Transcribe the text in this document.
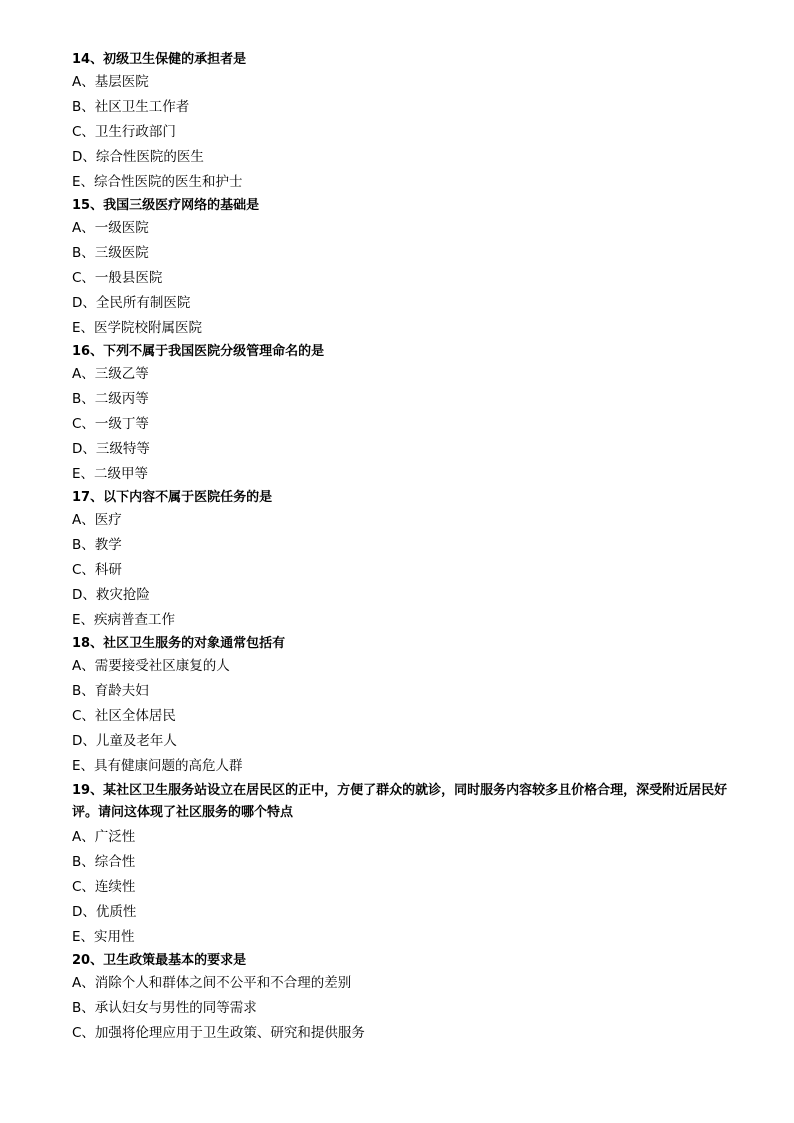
14、初级卫生保健的承担者是
A、基层医院
B、社区卫生工作者
C、卫生行政部门
D、综合性医院的医生
E、综合性医院的医生和护士
15、我国三级医疗网络的基础是
A、一级医院
B、三级医院
C、一般县医院
D、全民所有制医院
E、医学院校附属医院
16、下列不属于我国医院分级管理命名的是
A、三级乙等
B、二级丙等
C、一级丁等
D、三级特等
E、二级甲等
17、以下内容不属于医院任务的是
A、医疗
B、教学
C、科研
D、救灾抢险
E、疾病普查工作
18、社区卫生服务的对象通常包括有
A、需要接受社区康复的人
B、育龄夫妇
C、社区全体居民
D、儿童及老年人
E、具有健康问题的高危人群
19、某社区卫生服务站设立在居民区的正中，方便了群众的就诊，同时服务内容较多且价格合理，深受附近居民好评。请问这体现了社区服务的哪个特点
A、广泛性
B、综合性
C、连续性
D、优质性
E、实用性
20、卫生政策最基本的要求是
A、消除个人和群体之间不公平和不合理的差别
B、承认妇女与男性的同等需求
C、加强将伦理应用于卫生政策、研究和提供服务
